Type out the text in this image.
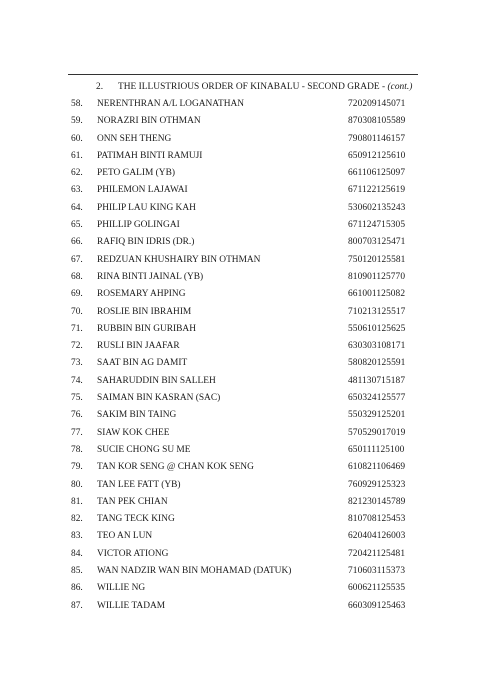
2. THE ILLUSTRIOUS ORDER OF KINABALU - SECOND GRADE - (cont.)
58. NERENTHRAN A/L LOGANATHAN	720209145071
59. NORAZRI BIN OTHMAN	870308105589
60. ONN SEH THENG	790801146157
61. PATIMAH BINTI RAMUJI	650912125610
62. PETO GALIM (YB)	661106125097
63. PHILEMON LAJAWAI	671122125619
64. PHILIP LAU KING KAH	530602135243
65. PHILLIP GOLINGAI	671124715305
66. RAFIQ BIN IDRIS (DR.)	800703125471
67. REDZUAN KHUSHAIRY BIN OTHMAN	750120125581
68. RINA BINTI JAINAL (YB)	810901125770
69. ROSEMARY AHPING	661001125082
70. ROSLIE BIN IBRAHIM	710213125517
71. RUBBIN BIN GURIBAH	550610125625
72. RUSLI BIN JAAFAR	630303108171
73. SAAT BIN AG DAMIT	580820125591
74. SAHARUDDIN BIN SALLEH	481130715187
75. SAIMAN BIN KASRAN (SAC)	650324125577
76. SAKIM BIN TAING	550329125201
77. SIAW KOK CHEE	570529017019
78. SUCIE CHONG SU ME	650111125100
79. TAN KOR SENG @ CHAN KOK SENG	610821106469
80. TAN LEE FATT (YB)	760929125323
81. TAN PEK CHIAN	821230145789
82. TANG TECK KING	810708125453
83. TEO AN LUN	620404126003
84. VICTOR ATIONG	720421125481
85. WAN NADZIR WAN BIN MOHAMAD (DATUK)	710603115373
86. WILLIE NG	600621125535
87. WILLIE TADAM	660309125463
